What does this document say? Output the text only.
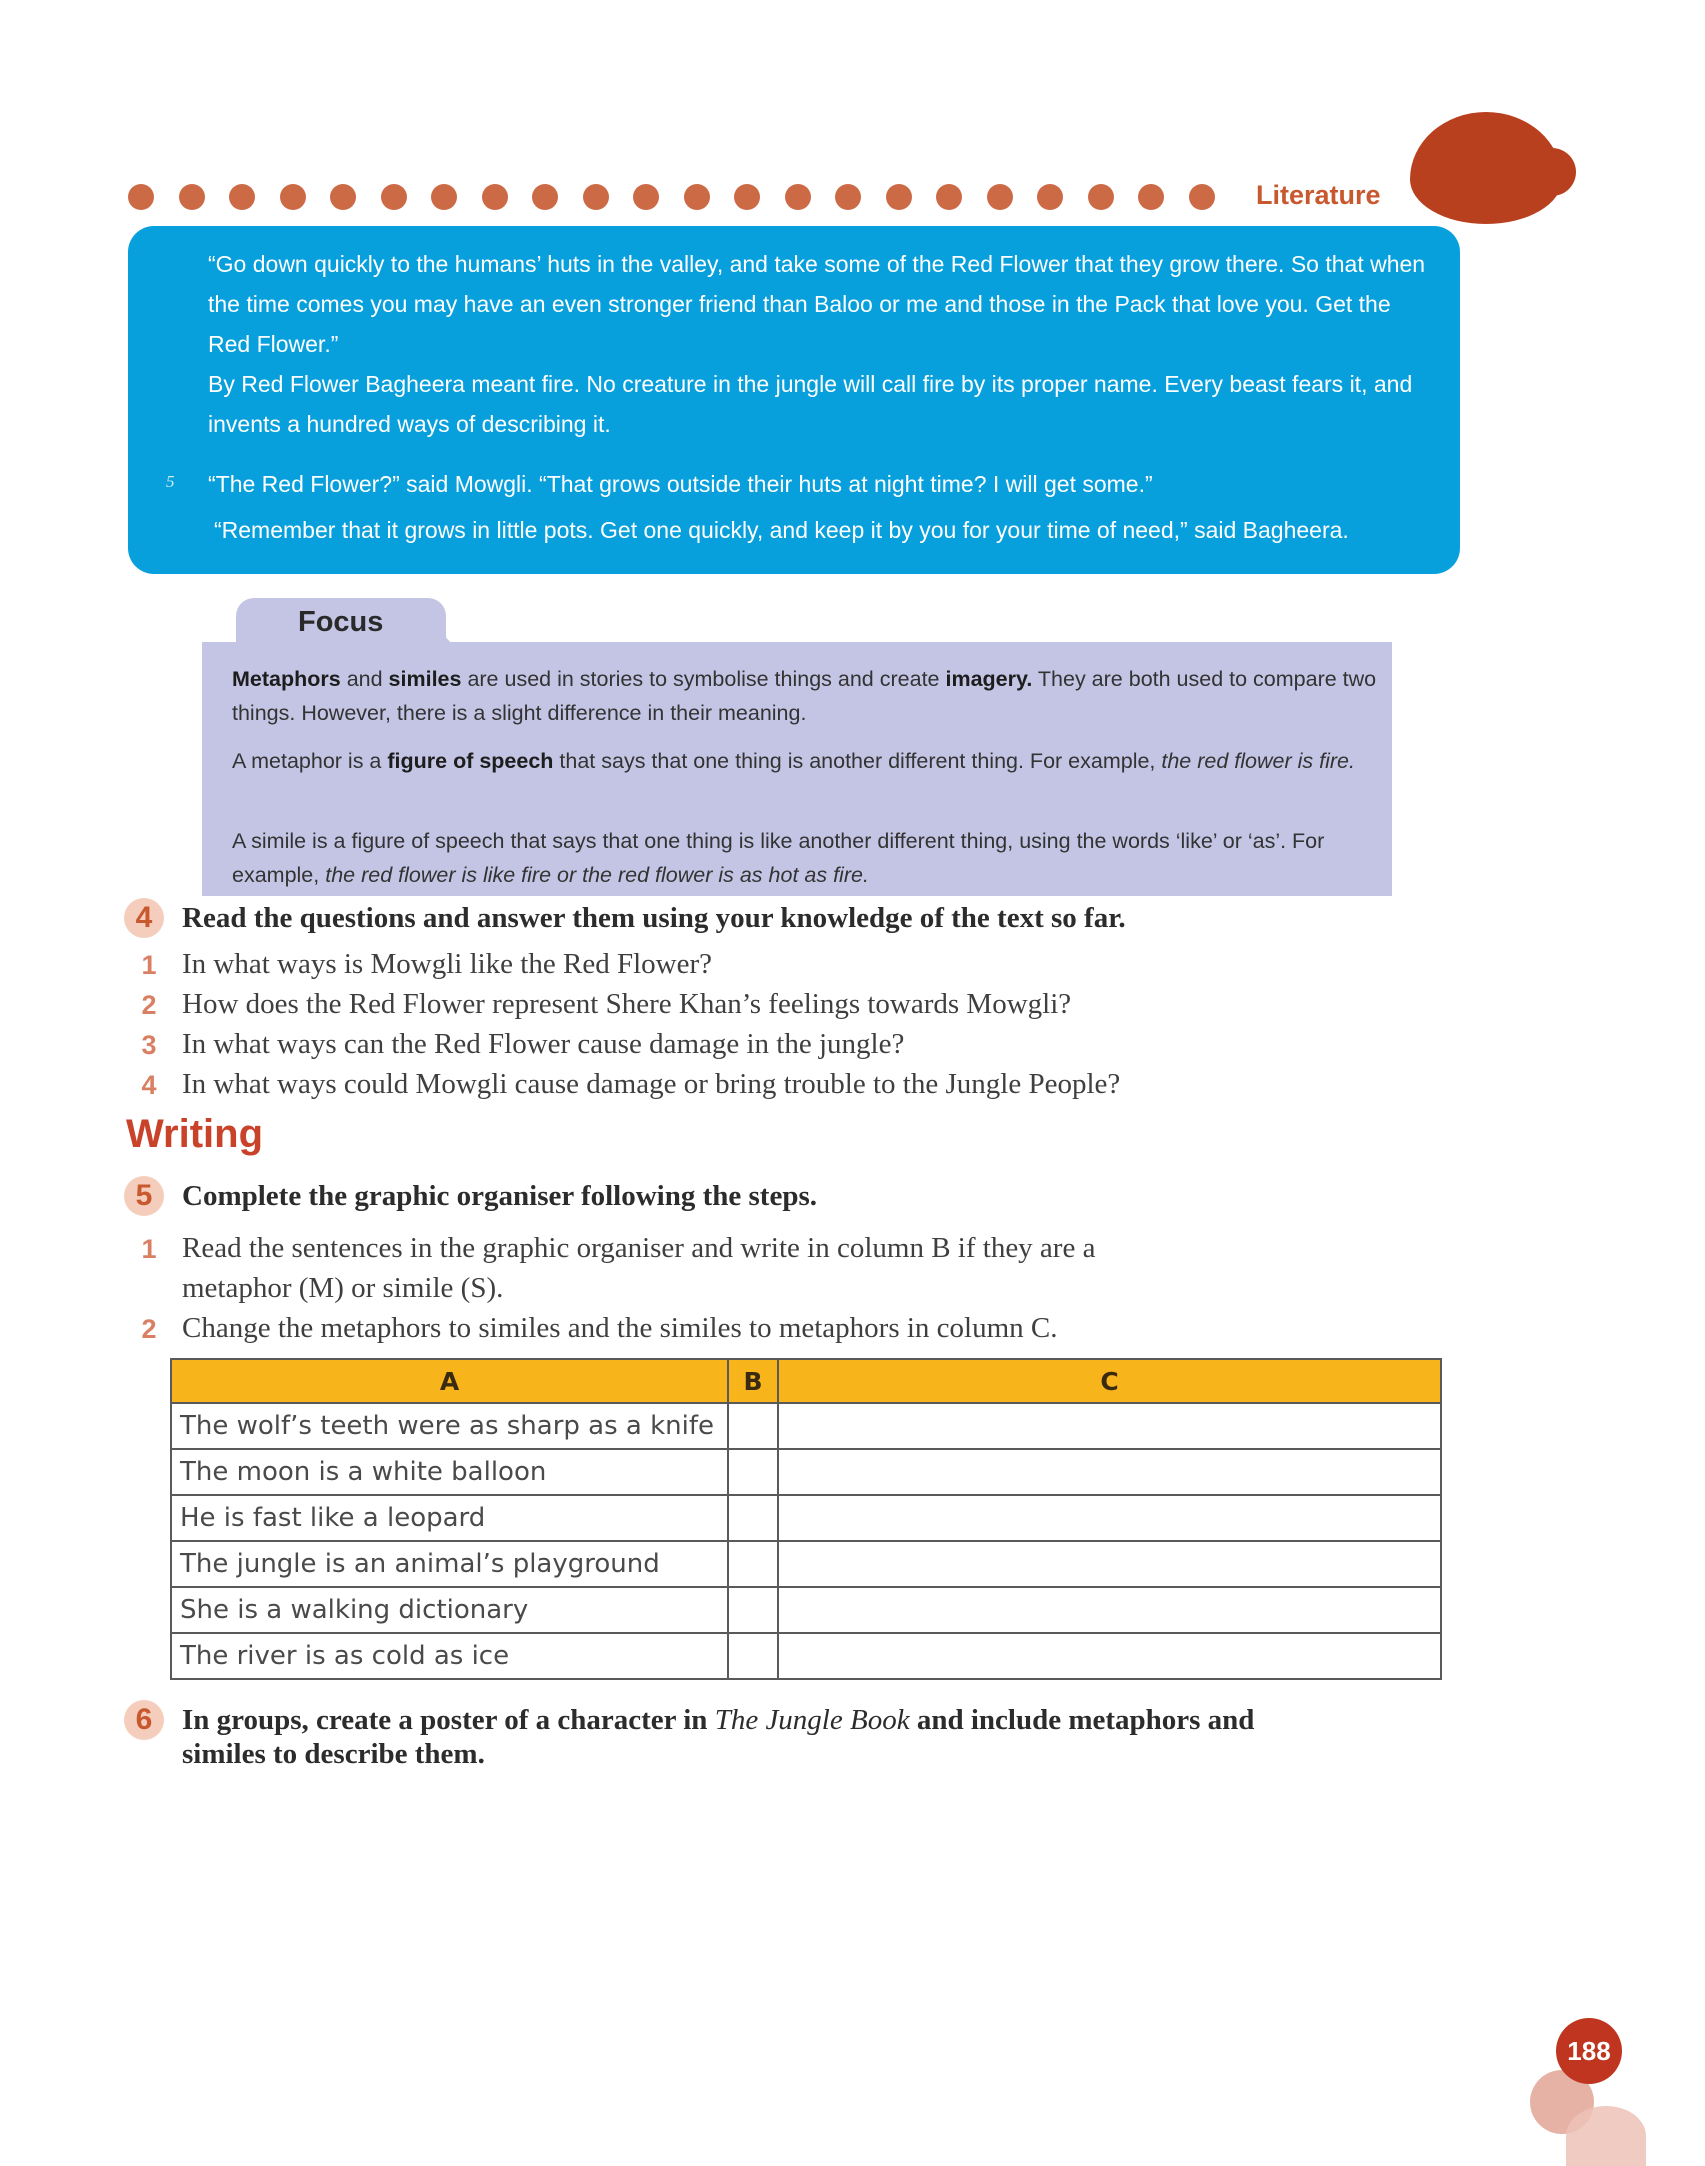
Literature

“Go down quickly to the humans’ huts in the valley, and take some of the Red Flower that they grow there. So that when the time comes you may have an even stronger friend than Baloo or me and those in the Pack that love you. Get the Red Flower.”

By Red Flower Bagheera meant fire. No creature in the jungle will call fire by its proper name. Every beast fears it, and invents a hundred ways of describing it.

5 “The Red Flower?” said Mowgli. “That grows outside their huts at night time? I will get some.”

“Remember that it grows in little pots. Get one quickly, and keep it by you for your time of need,” said Bagheera.

Focus

Metaphors and similes are used in stories to symbolise things and create imagery. They are both used to compare two things. However, there is a slight difference in their meaning.

A metaphor is a figure of speech that says that one thing is another different thing. For example, the red flower is fire.

A simile is a figure of speech that says that one thing is like another different thing, using the words ‘like’ or ‘as’. For example, the red flower is like fire or the red flower is as hot as fire.

4	Read the questions and answer them using your knowledge of the text so far.
1 In what ways is Mowgli like the Red Flower?
2 How does the Red Flower represent Shere Khan’s feelings towards Mowgli?
3 In what ways can the Red Flower cause damage in the jungle?
4 In what ways could Mowgli cause damage or bring trouble to the Jungle People?
Writing
5	Complete the graphic organiser following the steps.
1 Read the sentences in the graphic organiser and write in column B if they are a
metaphor (M) or simile (S).
2 Change the metaphors to similes and the similes to metaphors in column C.
A	B	C
The wolf’s teeth were as sharp as a knife		
The moon is a white balloon		
He is fast like a leopard		
The jungle is an animal’s playground		
She is a walking dictionary		
The river is as cold as ice		
6	In groups, create a poster of a character in The Jungle Book and include metaphors and
similes to describe them.
188
